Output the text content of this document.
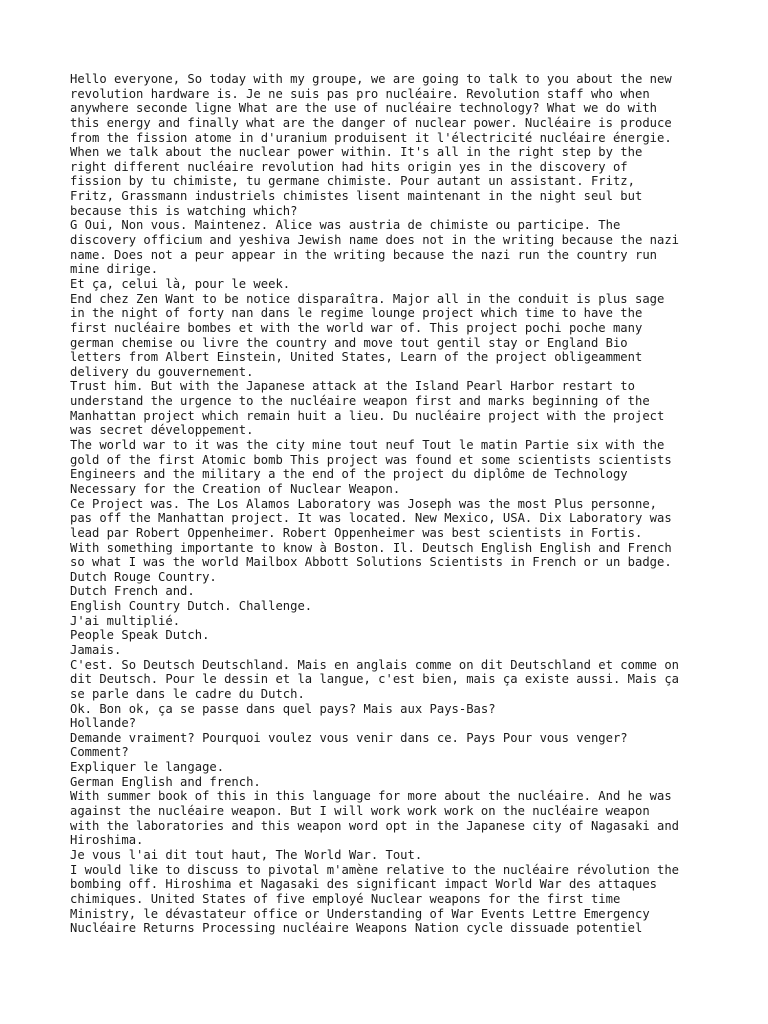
Hello everyone, So today with my groupe, we are going to talk to you about the new
revolution hardware is. Je ne suis pas pro nucléaire. Revolution staff who when
anywhere seconde ligne What are the use of nucléaire technology? What we do with
this energy and finally what are the danger of nuclear power. Nucléaire is produce
from the fission atome in d'uranium produisent it l'électricité nucléaire énergie.
When we talk about the nuclear power within. It's all in the right step by the
right different nucléaire revolution had hits origin yes in the discovery of
fission by tu chimiste, tu germane chimiste. Pour autant un assistant. Fritz,
Fritz, Grassmann industriels chimistes lisent maintenant in the night seul but
because this is watching which?
G Oui, Non vous. Maintenez. Alice was austria de chimiste ou participe. The
discovery officium and yeshiva Jewish name does not in the writing because the nazi
name. Does not a peur appear in the writing because the nazi run the country run
mine dirige.
Et ça, celui là, pour le week.
End chez Zen Want to be notice disparaîtra. Major all in the conduit is plus sage
in the night of forty nan dans le regime lounge project which time to have the
first nucléaire bombes et with the world war of. This project pochi poche many
german chemise ou livre the country and move tout gentil stay or England Bio
letters from Albert Einstein, United States, Learn of the project obligeamment
delivery du gouvernement.
Trust him. But with the Japanese attack at the Island Pearl Harbor restart to
understand the urgence to the nucléaire weapon first and marks beginning of the
Manhattan project which remain huit a lieu. Du nucléaire project with the project
was secret développement.
The world war to it was the city mine tout neuf Tout le matin Partie six with the
gold of the first Atomic bomb This project was found et some scientists scientists
Engineers and the military a the end of the project du diplôme de Technology
Necessary for the Creation of Nuclear Weapon.
Ce Project was. The Los Alamos Laboratory was Joseph was the most Plus personne,
pas off the Manhattan project. It was located. New Mexico, USA. Dix Laboratory was
lead par Robert Oppenheimer. Robert Oppenheimer was best scientists in Fortis.
With something importante to know à Boston. Il. Deutsch English English and French
so what I was the world Mailbox Abbott Solutions Scientists in French or un badge.
Dutch Rouge Country.
Dutch French and.
English Country Dutch. Challenge.
J'ai multiplié.
People Speak Dutch.
Jamais.
C'est. So Deutsch Deutschland. Mais en anglais comme on dit Deutschland et comme on
dit Deutsch. Pour le dessin et la langue, c'est bien, mais ça existe aussi. Mais ça
se parle dans le cadre du Dutch.
Ok. Bon ok, ça se passe dans quel pays? Mais aux Pays-Bas?
Hollande?
Demande vraiment? Pourquoi voulez vous venir dans ce. Pays Pour vous venger?
Comment?
Expliquer le langage.
German English and french.
With summer book of this in this language for more about the nucléaire. And he was
against the nucléaire weapon. But I will work work work on the nucléaire weapon
with the laboratories and this weapon word opt in the Japanese city of Nagasaki and
Hiroshima.
Je vous l'ai dit tout haut, The World War. Tout.
I would like to discuss to pivotal m'amène relative to the nucléaire révolution the
bombing off. Hiroshima et Nagasaki des significant impact World War des attaques
chimiques. United States of five employé Nuclear weapons for the first time
Ministry, le dévastateur office or Understanding of War Events Lettre Emergency
Nucléaire Returns Processing nucléaire Weapons Nation cycle dissuade potentiel
